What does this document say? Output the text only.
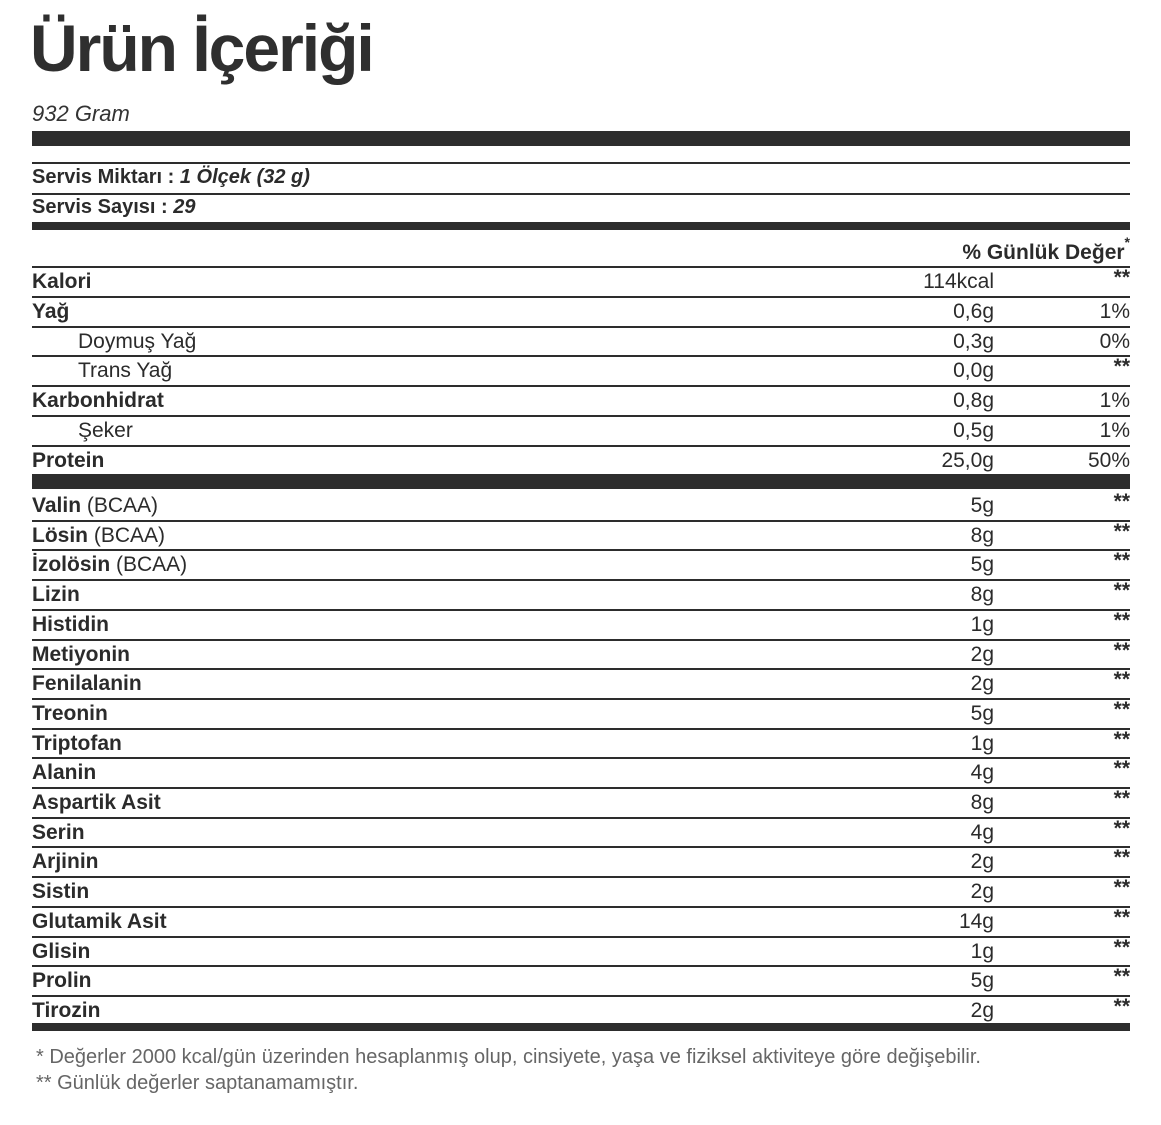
Ürün İçeriği
932 Gram
Servis Miktarı : 1 Ölçek (32 g)
Servis Sayısı : 29
% Günlük Değer*
Kalori	114kcal	**
Yağ	0,6g	1%
Doymuş Yağ	0,3g	0%
Trans Yağ	0,0g	**
Karbonhidrat	0,8g	1%
Şeker	0,5g	1%
Protein	25,0g	50%
Valin (BCAA)	5g	**
Lösin (BCAA)	8g	**
İzolösin (BCAA)	5g	**
Lizin	8g	**
Histidin	1g	**
Metiyonin	2g	**
Fenilalanin	2g	**
Treonin	5g	**
Triptofan	1g	**
Alanin	4g	**
Aspartik Asit	8g	**
Serin	4g	**
Arjinin	2g	**
Sistin	2g	**
Glutamik Asit	14g	**
Glisin	1g	**
Prolin	5g	**
Tirozin	2g	**
* Değerler 2000 kcal/gün üzerinden hesaplanmış olup, cinsiyete, yaşa ve fiziksel aktiviteye göre değişebilir.
** Günlük değerler saptanamamıştır.
